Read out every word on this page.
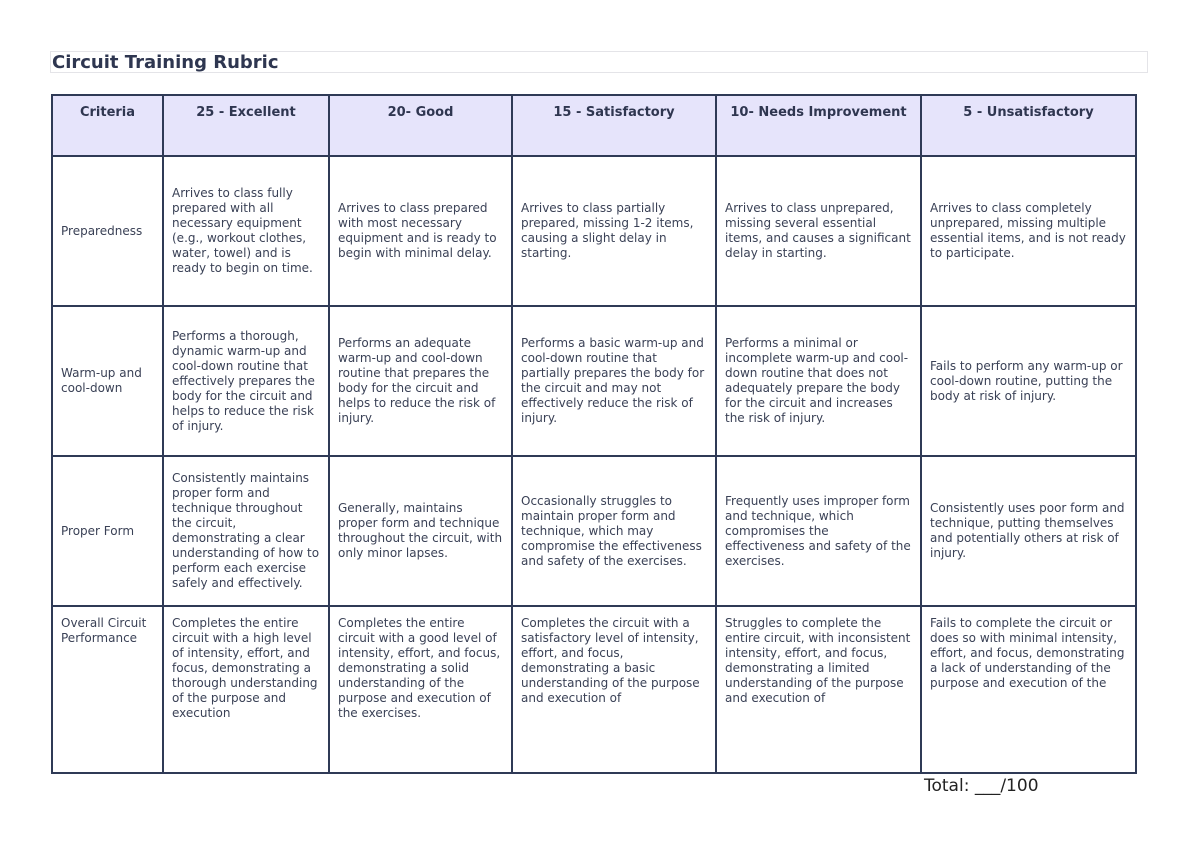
Circuit Training Rubric
Criteria	25 - Excellent	20- Good	15 - Satisfactory	10- Needs Improvement	5 - Unsatisfactory
Preparedness	Arrives to class fully prepared with all necessary equipment (e.g., workout clothes, water, towel) and is ready to begin on time.	Arrives to class prepared with most necessary equipment and is ready to begin with minimal delay.	Arrives to class partially prepared, missing 1-2 items, causing a slight delay in starting.	Arrives to class unprepared, missing several essential items, and causes a significant delay in starting.	Arrives to class completely unprepared, missing multiple essential items, and is not ready to participate.
Warm-up and cool-down	Performs a thorough, dynamic warm-up and cool-down routine that effectively prepares the body for the circuit and helps to reduce the risk of injury.	Performs an adequate warm-up and cool-down routine that prepares the body for the circuit and helps to reduce the risk of injury.	Performs a basic warm-up and cool-down routine that partially prepares the body for the circuit and may not effectively reduce the risk of injury.	Performs a minimal or incomplete warm-up and cool-down routine that does not adequately prepare the body for the circuit and increases the risk of injury.	Fails to perform any warm-up or cool-down routine, putting the body at risk of injury.
Proper Form	Consistently maintains proper form and technique throughout the circuit, demonstrating a clear understanding of how to perform each exercise safely and effectively.	Generally, maintains proper form and technique throughout the circuit, with only minor lapses.	Occasionally struggles to maintain proper form and technique, which may compromise the effectiveness and safety of the exercises.	Frequently uses improper form and technique, which compromises the effectiveness and safety of the exercises.	Consistently uses poor form and technique, putting themselves and potentially others at risk of injury.
Overall Circuit Performance	Completes the entire circuit with a high level of intensity, effort, and focus, demonstrating a thorough understanding of the purpose and execution	Completes the entire circuit with a good level of intensity, effort, and focus, demonstrating a solid understanding of the purpose and execution of the exercises.	Completes the circuit with a satisfactory level of intensity, effort, and focus, demonstrating a basic understanding of the purpose and execution of	Struggles to complete the entire circuit, with inconsistent intensity, effort, and focus, demonstrating a limited understanding of the purpose and execution of	Fails to complete the circuit or does so with minimal intensity, effort, and focus, demonstrating a lack of understanding of the purpose and execution of the
Total: ___/100
